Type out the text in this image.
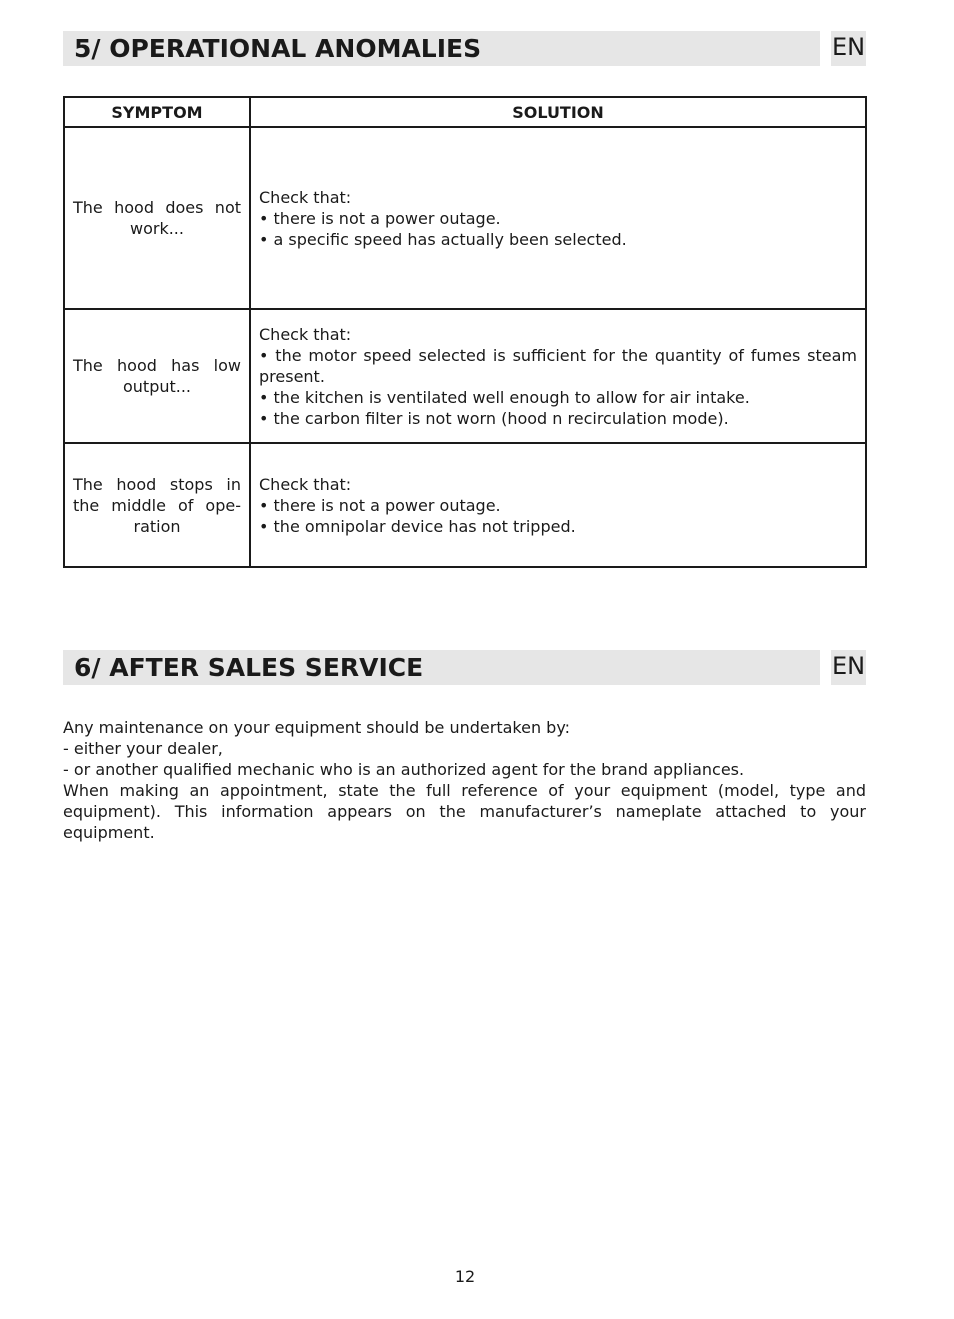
5/ OPERATIONAL ANOMALIES	EN
SYMPTOM	SOLUTION
The hood does not work...	Check that:
• there is not a power outage.
• a specific speed has actually been selected.

The hood has low output...	Check that:
• the motor speed selected is sufficient for the quantity of fumes steam present.
• the kitchen is ventilated well enough to allow for air intake.
• the carbon filter is not worn (hood n recirculation mode).

The hood stops in the middle of ope-ration	Check that:
• there is not a power outage.
• the omnipolar device has not tripped.
6/ AFTER SALES SERVICE	EN
Any maintenance on your equipment should be undertaken by:
- either your dealer,
- or another qualified mechanic who is an authorized agent for the brand appliances.
When making an appointment, state the full reference of your equipment (model, type and equipment). This information appears on the manufacturer’s nameplate attached to your equipment.
12
